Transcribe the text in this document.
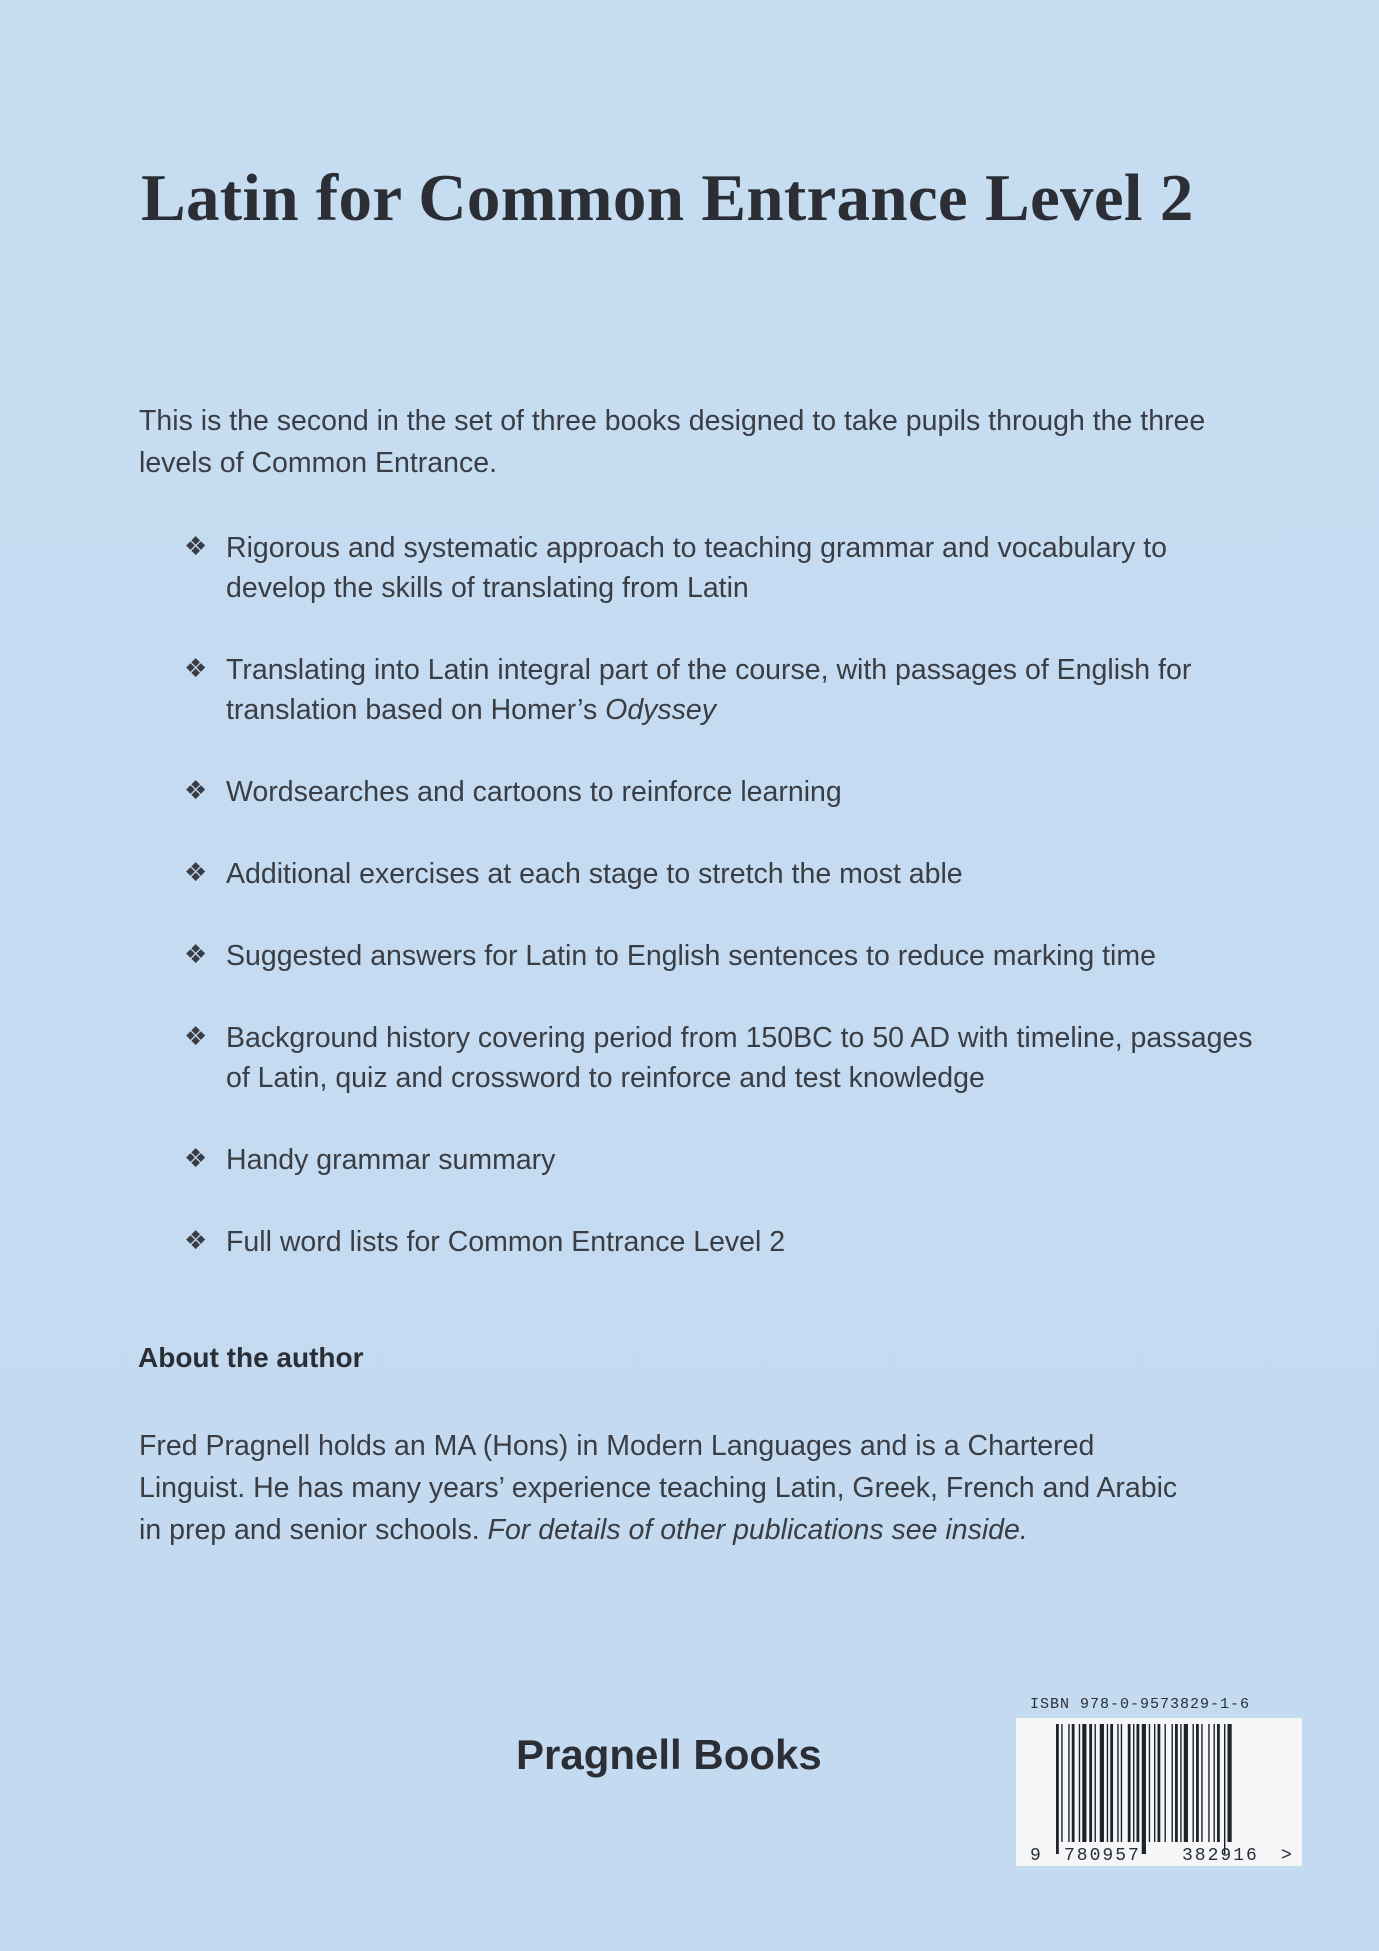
Latin for Common Entrance Level 2

This is the second in the set of three books designed to take pupils through the three levels of Common Entrance.

❖ Rigorous and systematic approach to teaching grammar and vocabulary to develop the skills of translating from Latin
❖ Translating into Latin integral part of the course, with passages of English for translation based on Homer’s Odyssey
❖ Wordsearches and cartoons to reinforce learning
❖ Additional exercises at each stage to stretch the most able
❖ Suggested answers for Latin to English sentences to reduce marking time
❖ Background history covering period from 150BC to 50 AD with timeline, passages of Latin, quiz and crossword to reinforce and test knowledge
❖ Handy grammar summary
❖ Full word lists for Common Entrance Level 2
About the author

Fred Pragnell holds an MA (Hons) in Modern Languages and is a Chartered Linguist. He has many years’ experience teaching Latin, Greek, French and Arabic in prep and senior schools. For details of other publications see inside.

Pragnell Books
ISBN 978-0-9573829-1-6
9 780957 382916 >
